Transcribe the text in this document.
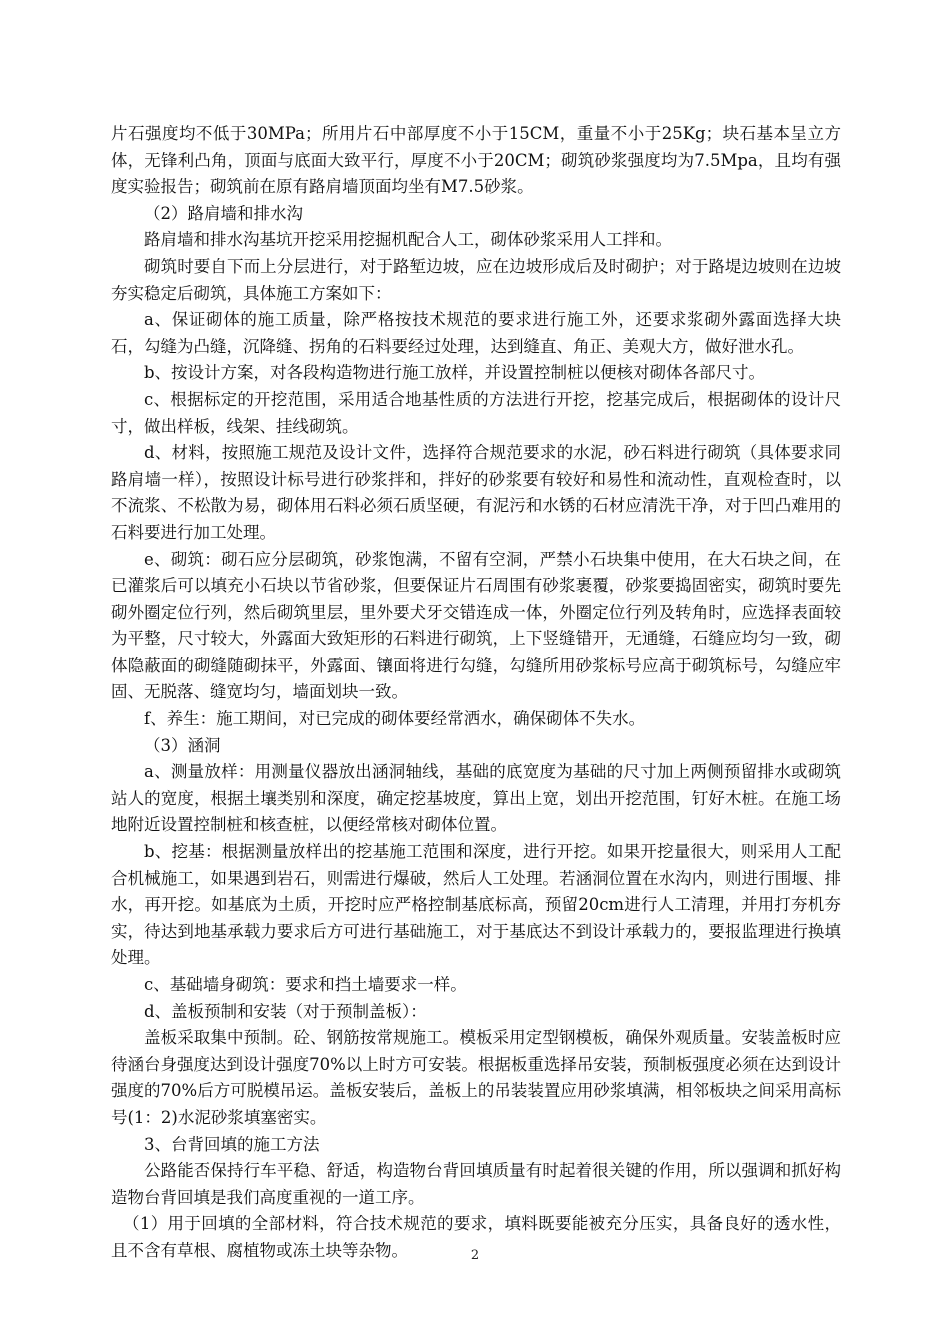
片石强度均不低于30MPa；所用片石中部厚度不小于15CM，重量不小于25Kg；块石基本呈立方体，无锋利凸角，顶面与底面大致平行，厚度不小于20CM；砌筑砂浆强度均为7.5Mpa，且均有强度实验报告；砌筑前在原有路肩墙顶面均坐有M7.5砂浆。

（2）路肩墙和排水沟

路肩墙和排水沟基坑开挖采用挖掘机配合人工，砌体砂浆采用人工拌和。

砌筑时要自下而上分层进行，对于路堑边坡，应在边坡形成后及时砌护；对于路堤边坡则在边坡夯实稳定后砌筑，具体施工方案如下：

a、保证砌体的施工质量，除严格按技术规范的要求进行施工外，还要求浆砌外露面选择大块石，勾缝为凸缝，沉降缝、拐角的石料要经过处理，达到缝直、角正、美观大方，做好泄水孔。

b、按设计方案，对各段构造物进行施工放样，并设置控制桩以便核对砌体各部尺寸。

c、根据标定的开挖范围，采用适合地基性质的方法进行开挖，挖基完成后，根据砌体的设计尺寸，做出样板，线架、挂线砌筑。

d、材料，按照施工规范及设计文件，选择符合规范要求的水泥，砂石料进行砌筑（具体要求同路肩墙一样），按照设计标号进行砂浆拌和，拌好的砂浆要有较好和易性和流动性，直观检查时，以不流浆、不松散为易，砌体用石料必须石质坚硬，有泥污和水锈的石材应清洗干净，对于凹凸难用的石料要进行加工处理。

e、砌筑：砌石应分层砌筑，砂浆饱满，不留有空洞，严禁小石块集中使用，在大石块之间，在已灌浆后可以填充小石块以节省砂浆，但要保证片石周围有砂浆裹覆，砂浆要捣固密实，砌筑时要先砌外圈定位行列，然后砌筑里层，里外要犬牙交错连成一体，外圈定位行列及转角时，应选择表面较为平整，尺寸较大，外露面大致矩形的石料进行砌筑，上下竖缝错开，无通缝，石缝应均匀一致，砌体隐蔽面的砌缝随砌抹平，外露面、镶面将进行勾缝，勾缝所用砂浆标号应高于砌筑标号，勾缝应牢固、无脱落、缝宽均匀，墙面划块一致。

f、养生：施工期间，对已完成的砌体要经常洒水，确保砌体不失水。

（3）涵洞

a、测量放样：用测量仪器放出涵洞轴线，基础的底宽度为基础的尺寸加上两侧预留排水或砌筑站人的宽度，根据土壤类别和深度，确定挖基坡度，算出上宽，划出开挖范围，钉好木桩。在施工场地附近设置控制桩和核查桩，以便经常核对砌体位置。

b、挖基：根据测量放样出的挖基施工范围和深度，进行开挖。如果开挖量很大，则采用人工配合机械施工，如果遇到岩石，则需进行爆破，然后人工处理。若涵洞位置在水沟内，则进行围堰、排水，再开挖。如基底为土质，开挖时应严格控制基底标高，预留20cm进行人工清理，并用打夯机夯实，待达到地基承载力要求后方可进行基础施工，对于基底达不到设计承载力的，要报监理进行换填处理。

c、基础墙身砌筑：要求和挡土墙要求一样。

d、盖板预制和安装（对于预制盖板）：

盖板采取集中预制。砼、钢筋按常规施工。模板采用定型钢模板，确保外观质量。安装盖板时应待涵台身强度达到设计强度70%以上时方可安装。根据板重选择吊安装，预制板强度必须在达到设计强度的70%后方可脱模吊运。盖板安装后，盖板上的吊装装置应用砂浆填满，相邻板块之间采用高标号(1：2)水泥砂浆填塞密实。

3、台背回填的施工方法

公路能否保持行车平稳、舒适，构造物台背回填质量有时起着很关键的作用，所以强调和抓好构造物台背回填是我们高度重视的一道工序。

（1）用于回填的全部材料，符合技术规范的要求，填料既要能被充分压实，具备良好的透水性，且不含有草根、腐植物或冻土块等杂物。	2
